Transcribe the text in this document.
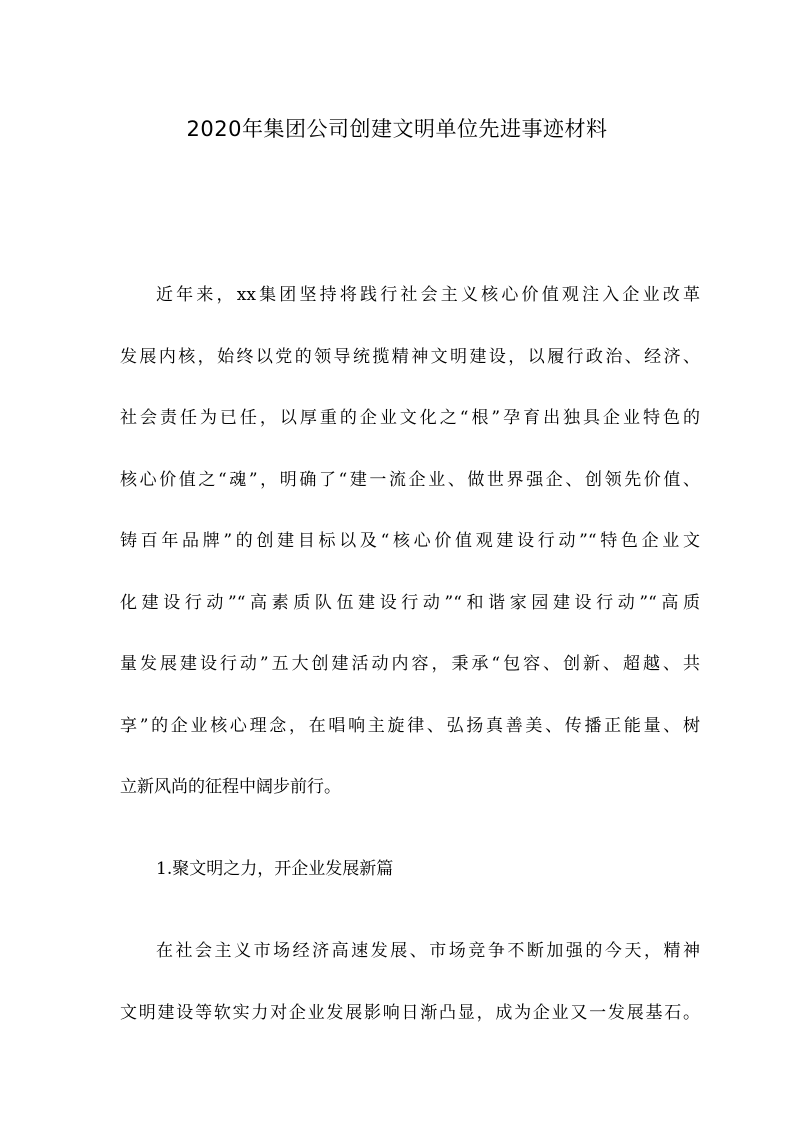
2020年集团公司创建文明单位先进事迹材料
近年来，xx集团坚持将践行社会主义核心价值观注入企业改革
发展内核，始终以党的领导统揽精神文明建设，以履行政治、经济、
社会责任为已任，以厚重的企业文化之“根”孕育出独具企业特色的
核心价值之“魂”，明确了“建一流企业、做世界强企、创领先价值、
铸百年品牌”的创建目标以及“核心价值观建设行动”“特色企业文
化建设行动”“高素质队伍建设行动”“和谐家园建设行动”“高质
量发展建设行动”五大创建活动内容，秉承“包容、创新、超越、共
享”的企业核心理念，在唱响主旋律、弘扬真善美、传播正能量、树
立新风尚的征程中阔步前行。
1.聚文明之力，开企业发展新篇
在社会主义市场经济高速发展、市场竞争不断加强的今天，精神
文明建设等软实力对企业发展影响日渐凸显，成为企业又一发展基石。
